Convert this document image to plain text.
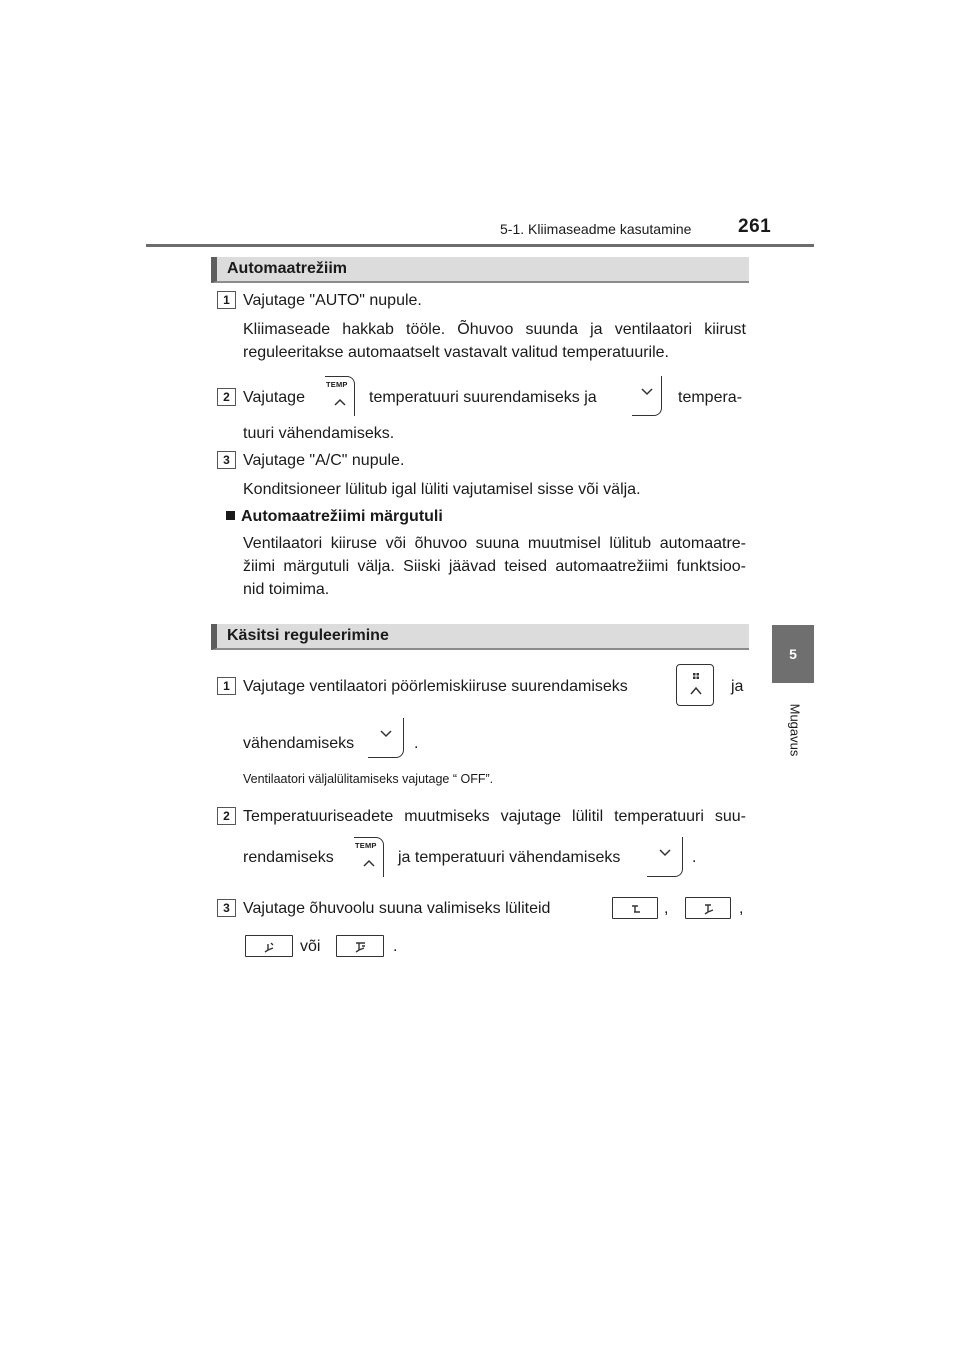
5-1. Kliimaseadme kasutamine 261
5
Mugavus
Automaatrežiim
1 Vajutage "AUTO" nupule.
Kliimaseade hakkab tööle. Õhuvoo suunda ja ventilaatori kiirust
reguleeritakse automaatselt vastavalt valitud temperatuurile.
2 Vajutage
TEMP
temperatuuri suurendamiseks ja	tempera-
tuuri vähendamiseks.
3 Vajutage "A/C" nupule.
Konditsioneer lülitub igal lüliti vajutamisel sisse või välja.
Automaatrežiimi märgutuli
Ventilaatori kiiruse või õhuvoo suuna muutmisel lülitub automaatre-
žiimi märgutuli välja. Siiski jäävad teised automaatrežiimi funktsioo-
nid toimima.
Käsitsi reguleerimine
1 Vajutage ventilaatori pöörlemiskiiruse suurendamiseks	ja
vähendamiseks	.
Ventilaatori väljalülitamiseks vajutage “ OFF”.
2 Temperatuuriseadete muutmiseks vajutage lülitil temperatuuri suu-
rendamiseks
TEMP
ja temperatuuri vähendamiseks	.
3 Vajutage õhuvoolu suuna valimiseks lüliteid	,	,
või	.
